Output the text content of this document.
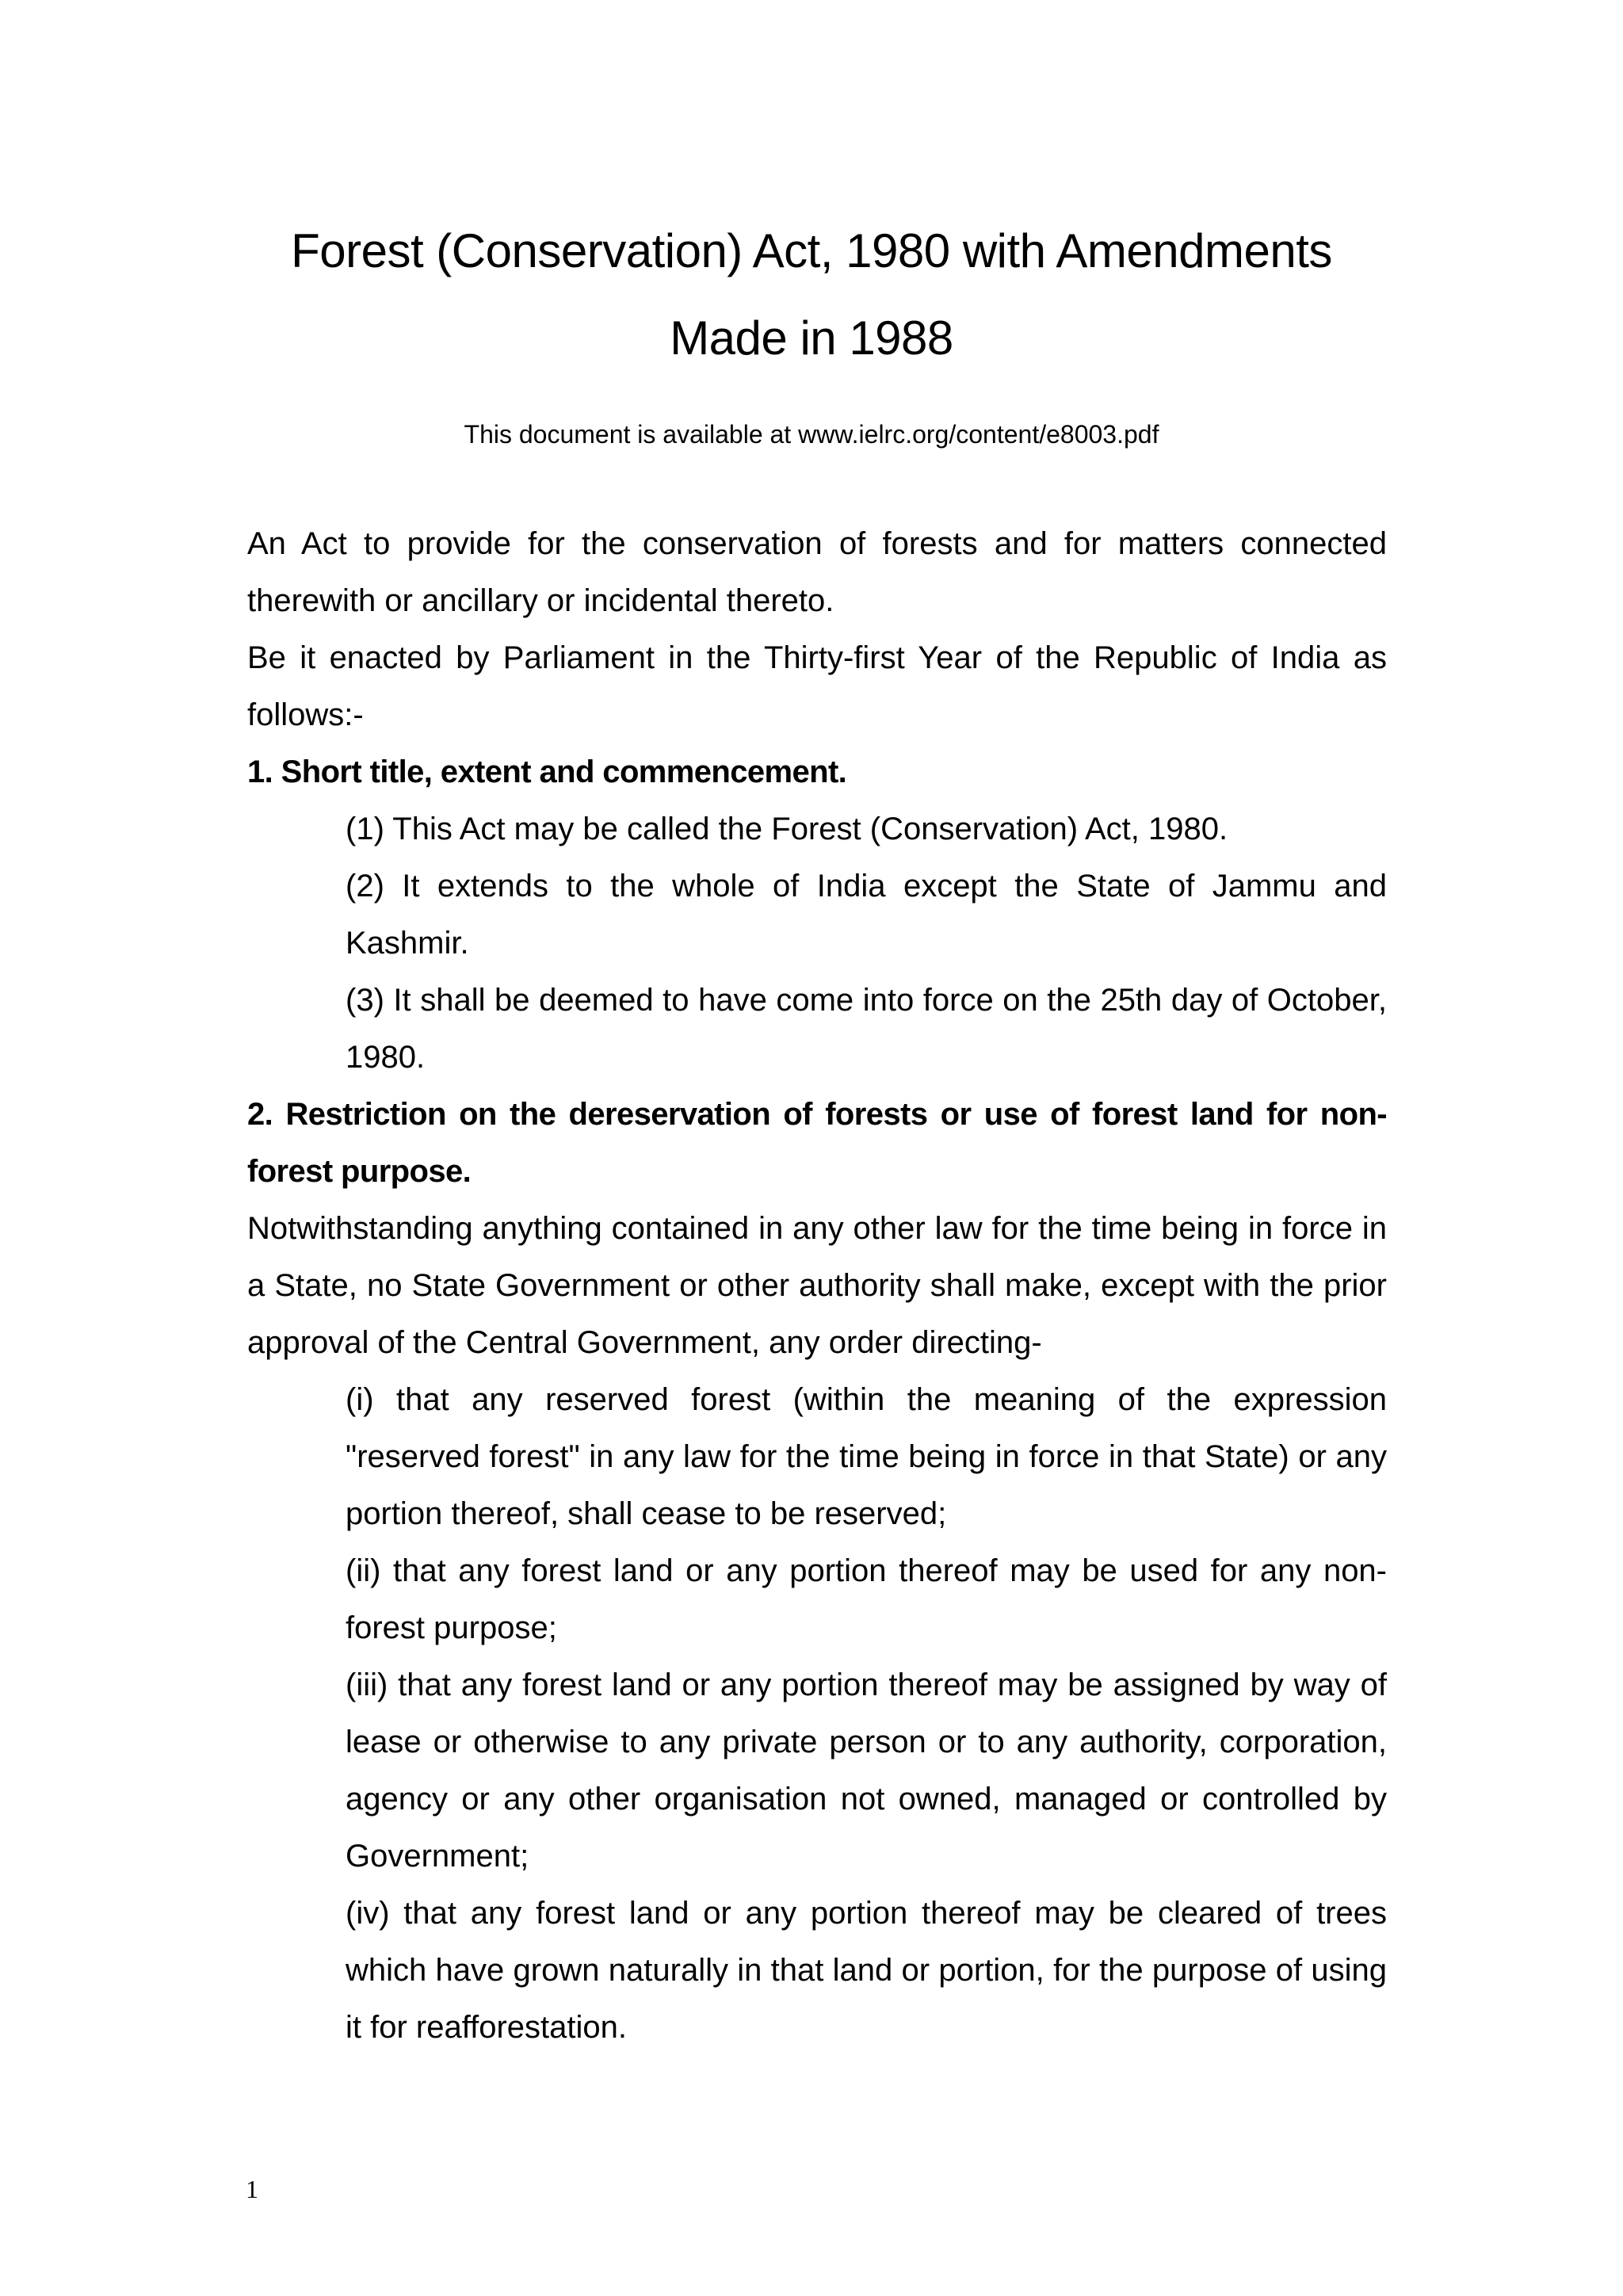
Forest (Conservation) Act, 1980 with Amendments
Made in 1988
This document is available at www.ielrc.org/content/e8003.pdf

An Act to provide for the conservation of forests and for matters connected therewith or ancillary or incidental thereto.

Be it enacted by Parliament in the Thirty-first Year of the Republic of India as follows:-

1. Short title, extent and commencement.

(1) This Act may be called the Forest (Conservation) Act, 1980.

(2) It extends to the whole of India except the State of Jammu and Kashmir.

(3) It shall be deemed to have come into force on the 25th day of October, 1980.

2. Restriction on the dereservation of forests or use of forest land for non-forest purpose.

Notwithstanding anything contained in any other law for the time being in force in a State, no State Government or other authority shall make, except with the prior approval of the Central Government, any order directing-

(i) that any reserved forest (within the meaning of the expression "reserved forest" in any law for the time being in force in that State) or any portion thereof, shall cease to be reserved;

(ii) that any forest land or any portion thereof may be used for any non-forest purpose;

(iii) that any forest land or any portion thereof may be assigned by way of lease or otherwise to any private person or to any authority, corporation, agency or any other organisation not owned, managed or controlled by Government;

(iv) that any forest land or any portion thereof may be cleared of trees which have grown naturally in that land or portion, for the purpose of using it for reafforestation.

1
